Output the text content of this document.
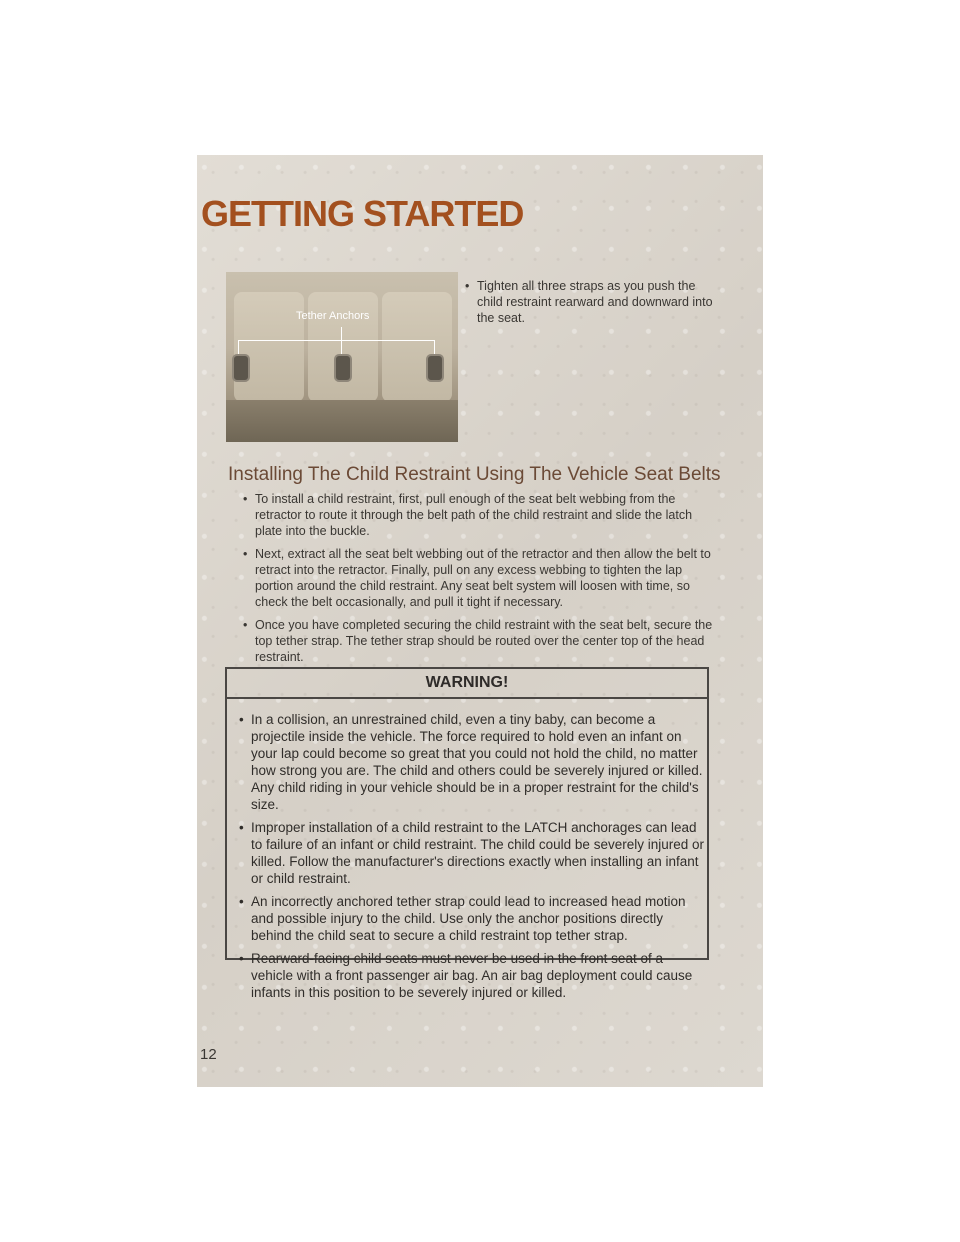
GETTING STARTED
Tether Anchors
• Tighten all three straps as you push the child restraint rearward and downward into the seat.
Installing The Child Restraint Using The Vehicle Seat Belts
• To install a child restraint, first, pull enough of the seat belt webbing from the retractor to route it through the belt path of the child restraint and slide the latch plate into the buckle.
• Next, extract all the seat belt webbing out of the retractor and then allow the belt to retract into the retractor. Finally, pull on any excess webbing to tighten the lap portion around the child restraint. Any seat belt system will loosen with time, so check the belt occasionally, and pull it tight if necessary.
• Once you have completed securing the child restraint with the seat belt, secure the top tether strap. The tether strap should be routed over the center top of the head restraint.
WARNING!
• In a collision, an unrestrained child, even a tiny baby, can become a projectile inside the vehicle. The force required to hold even an infant on your lap could become so great that you could not hold the child, no matter how strong you are. The child and others could be severely injured or killed. Any child riding in your vehicle should be in a proper restraint for the child's size.
• Improper installation of a child restraint to the LATCH anchorages can lead to failure of an infant or child restraint. The child could be severely injured or killed. Follow the manufacturer's directions exactly when installing an infant or child restraint.
• An incorrectly anchored tether strap could lead to increased head motion and possible injury to the child. Use only the anchor positions directly behind the child seat to secure a child restraint top tether strap.
• Rearward-facing child seats must never be used in the front seat of a vehicle with a front passenger air bag. An air bag deployment could cause infants in this position to be severely injured or killed.
12
